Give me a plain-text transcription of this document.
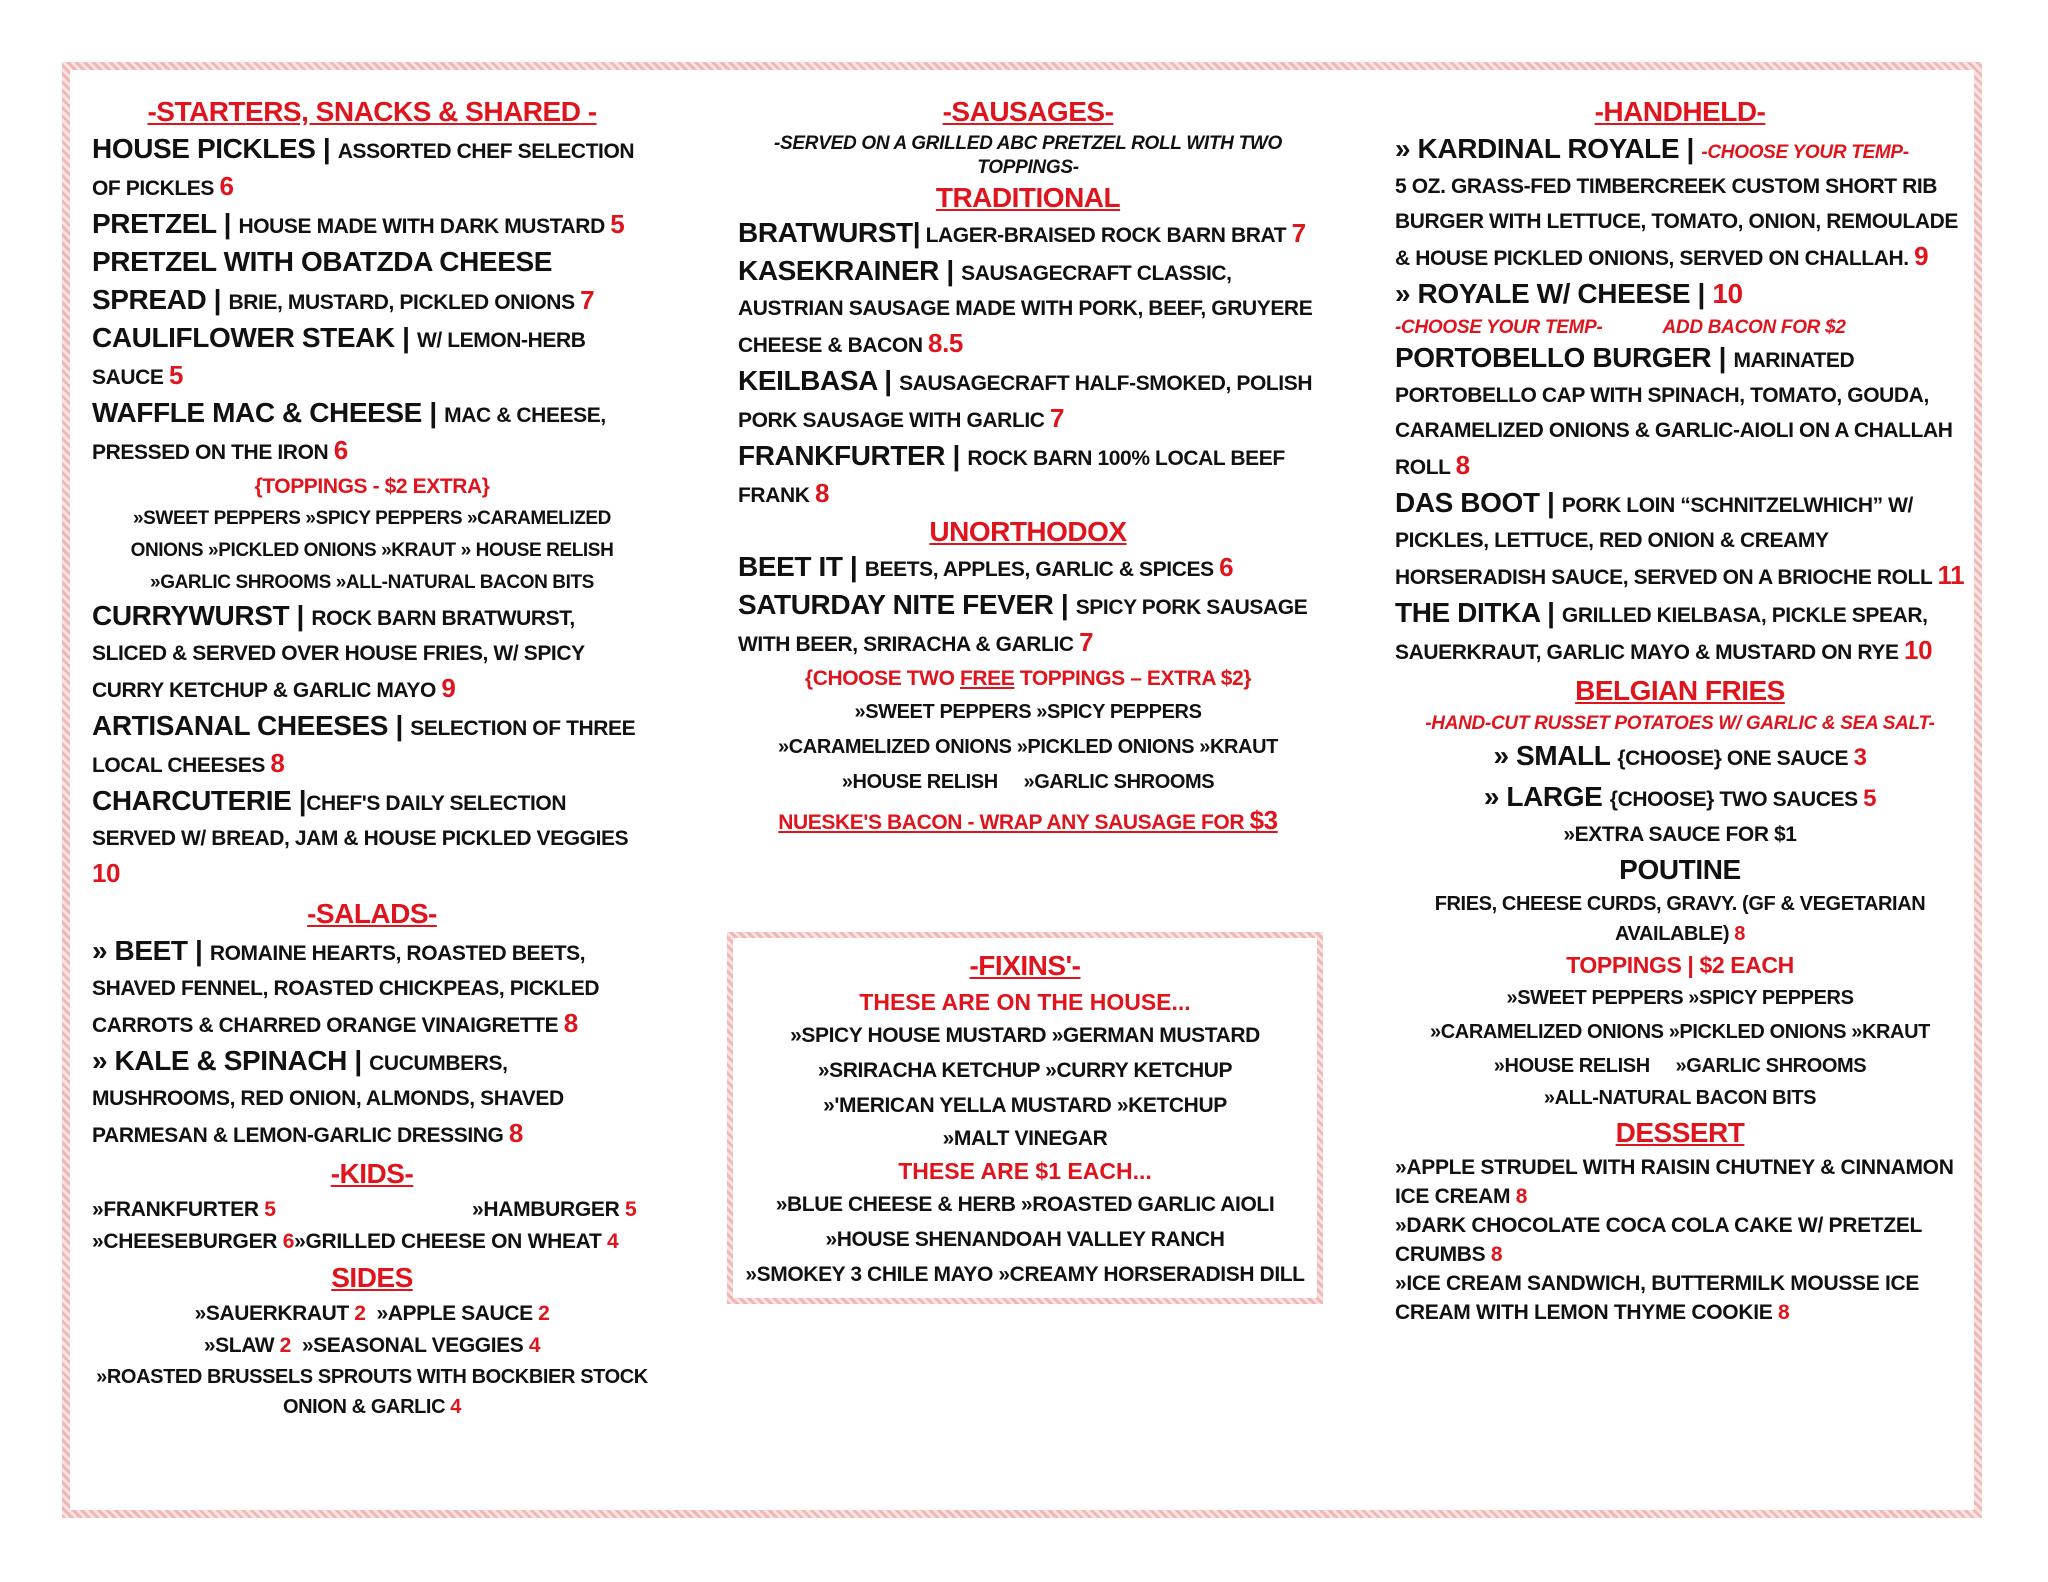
-STARTERS, SNACKS & SHARED -
HOUSE PICKLES | ASSORTED CHEF SELECTION OF PICKLES 6
PRETZEL | HOUSE MADE WITH DARK MUSTARD 5
PRETZEL WITH OBATZDA CHEESE SPREAD | BRIE, MUSTARD, PICKLED ONIONS 7
CAULIFLOWER STEAK | W/ LEMON-HERB SAUCE 5
WAFFLE MAC & CHEESE | MAC & CHEESE, PRESSED ON THE IRON 6
{TOPPINGS - $2 EXTRA}
»SWEET PEPPERS »SPICY PEPPERS »CARAMELIZED
ONIONS »PICKLED ONIONS »KRAUT » HOUSE RELISH
»GARLIC SHROOMS »ALL-NATURAL BACON BITS
CURRYWURST | ROCK BARN BRATWURST, SLICED & SERVED OVER HOUSE FRIES, W/ SPICY CURRY KETCHUP & GARLIC MAYO 9
ARTISANAL CHEESES | SELECTION OF THREE LOCAL CHEESES 8
CHARCUTERIE |CHEF'S DAILY SELECTION SERVED W/ BREAD, JAM & HOUSE PICKLED VEGGIES 10
-SALADS-
» BEET | ROMAINE HEARTS, ROASTED BEETS, SHAVED FENNEL, ROASTED CHICKPEAS, PICKLED CARROTS & CHARRED ORANGE VINAIGRETTE 8
» KALE & SPINACH | CUCUMBERS, MUSHROOMS, RED ONION, ALMONDS, SHAVED PARMESAN & LEMON-GARLIC DRESSING 8
-KIDS-
»FRANKFURTER 5	»HAMBURGER 5
»CHEESEBURGER 6 »GRILLED CHEESE ON WHEAT 4
SIDES
»SAUERKRAUT 2 »APPLE SAUCE 2
»SLAW 2 »SEASONAL VEGGIES 4
»ROASTED BRUSSELS SPROUTS WITH BOCKBIER STOCK ONION & GARLIC 4
-SAUSAGES-
-SERVED ON A GRILLED ABC PRETZEL ROLL WITH TWO TOPPINGS-
TRADITIONAL
BRATWURST| LAGER-BRAISED ROCK BARN BRAT 7
KASEKRAINER | SAUSAGECRAFT CLASSIC, AUSTRIAN SAUSAGE MADE WITH PORK, BEEF, GRUYERE CHEESE & BACON 8.5
KEILBASA | SAUSAGECRAFT HALF-SMOKED, POLISH PORK SAUSAGE WITH GARLIC 7
FRANKFURTER | ROCK BARN 100% LOCAL BEEF FRANK 8
UNORTHODOX
BEET IT | BEETS, APPLES, GARLIC & SPICES 6
SATURDAY NITE FEVER | SPICY PORK SAUSAGE WITH BEER, SRIRACHA & GARLIC 7
{CHOOSE TWO FREE TOPPINGS – EXTRA $2}
»SWEET PEPPERS »SPICY PEPPERS
»CARAMELIZED ONIONS »PICKLED ONIONS »KRAUT
»HOUSE RELISH     »GARLIC SHROOMS
NUESKE'S BACON - WRAP ANY SAUSAGE FOR $3
-FIXINS'-
THESE ARE ON THE HOUSE...
»SPICY HOUSE MUSTARD »GERMAN MUSTARD
»SRIRACHA KETCHUP »CURRY KETCHUP
»'MERICAN YELLA MUSTARD »KETCHUP
»MALT VINEGAR
THESE ARE $1 EACH...
»BLUE CHEESE & HERB »ROASTED GARLIC AIOLI
»HOUSE SHENANDOAH VALLEY RANCH
»SMOKEY 3 CHILE MAYO »CREAMY HORSERADISH DILL
-HANDHELD-
» KARDINAL ROYALE | -CHOOSE YOUR TEMP-
5 OZ. GRASS-FED TIMBERCREEK CUSTOM SHORT RIB BURGER WITH LETTUCE, TOMATO, ONION, REMOULADE & HOUSE PICKLED ONIONS, SERVED ON CHALLAH. 9
» ROYALE W/ CHEESE | 10
-CHOOSE YOUR TEMP-	ADD BACON FOR $2
PORTOBELLO BURGER | MARINATED PORTOBELLO CAP WITH SPINACH, TOMATO, GOUDA, CARAMELIZED ONIONS & GARLIC-AIOLI ON A CHALLAH ROLL 8
DAS BOOT | PORK LOIN “SCHNITZELWHICH” W/ PICKLES, LETTUCE, RED ONION & CREAMY HORSERADISH SAUCE, SERVED ON A BRIOCHE ROLL 11
THE DITKA | GRILLED KIELBASA, PICKLE SPEAR, SAUERKRAUT, GARLIC MAYO & MUSTARD ON RYE 10
BELGIAN FRIES
-HAND-CUT RUSSET POTATOES W/ GARLIC & SEA SALT-
» SMALL {CHOOSE} ONE SAUCE 3
» LARGE {CHOOSE} TWO SAUCES 5
»EXTRA SAUCE FOR $1
POUTINE
FRIES, CHEESE CURDS, GRAVY. (GF & VEGETARIAN AVAILABLE) 8
TOPPINGS | $2 EACH
»SWEET PEPPERS »SPICY PEPPERS
»CARAMELIZED ONIONS »PICKLED ONIONS »KRAUT
»HOUSE RELISH     »GARLIC SHROOMS
»ALL-NATURAL BACON BITS
DESSERT
»APPLE STRUDEL WITH RAISIN CHUTNEY & CINNAMON ICE CREAM 8
»DARK CHOCOLATE COCA COLA CAKE W/ PRETZEL CRUMBS 8
»ICE CREAM SANDWICH, BUTTERMILK MOUSSE ICE CREAM WITH LEMON THYME COOKIE 8
